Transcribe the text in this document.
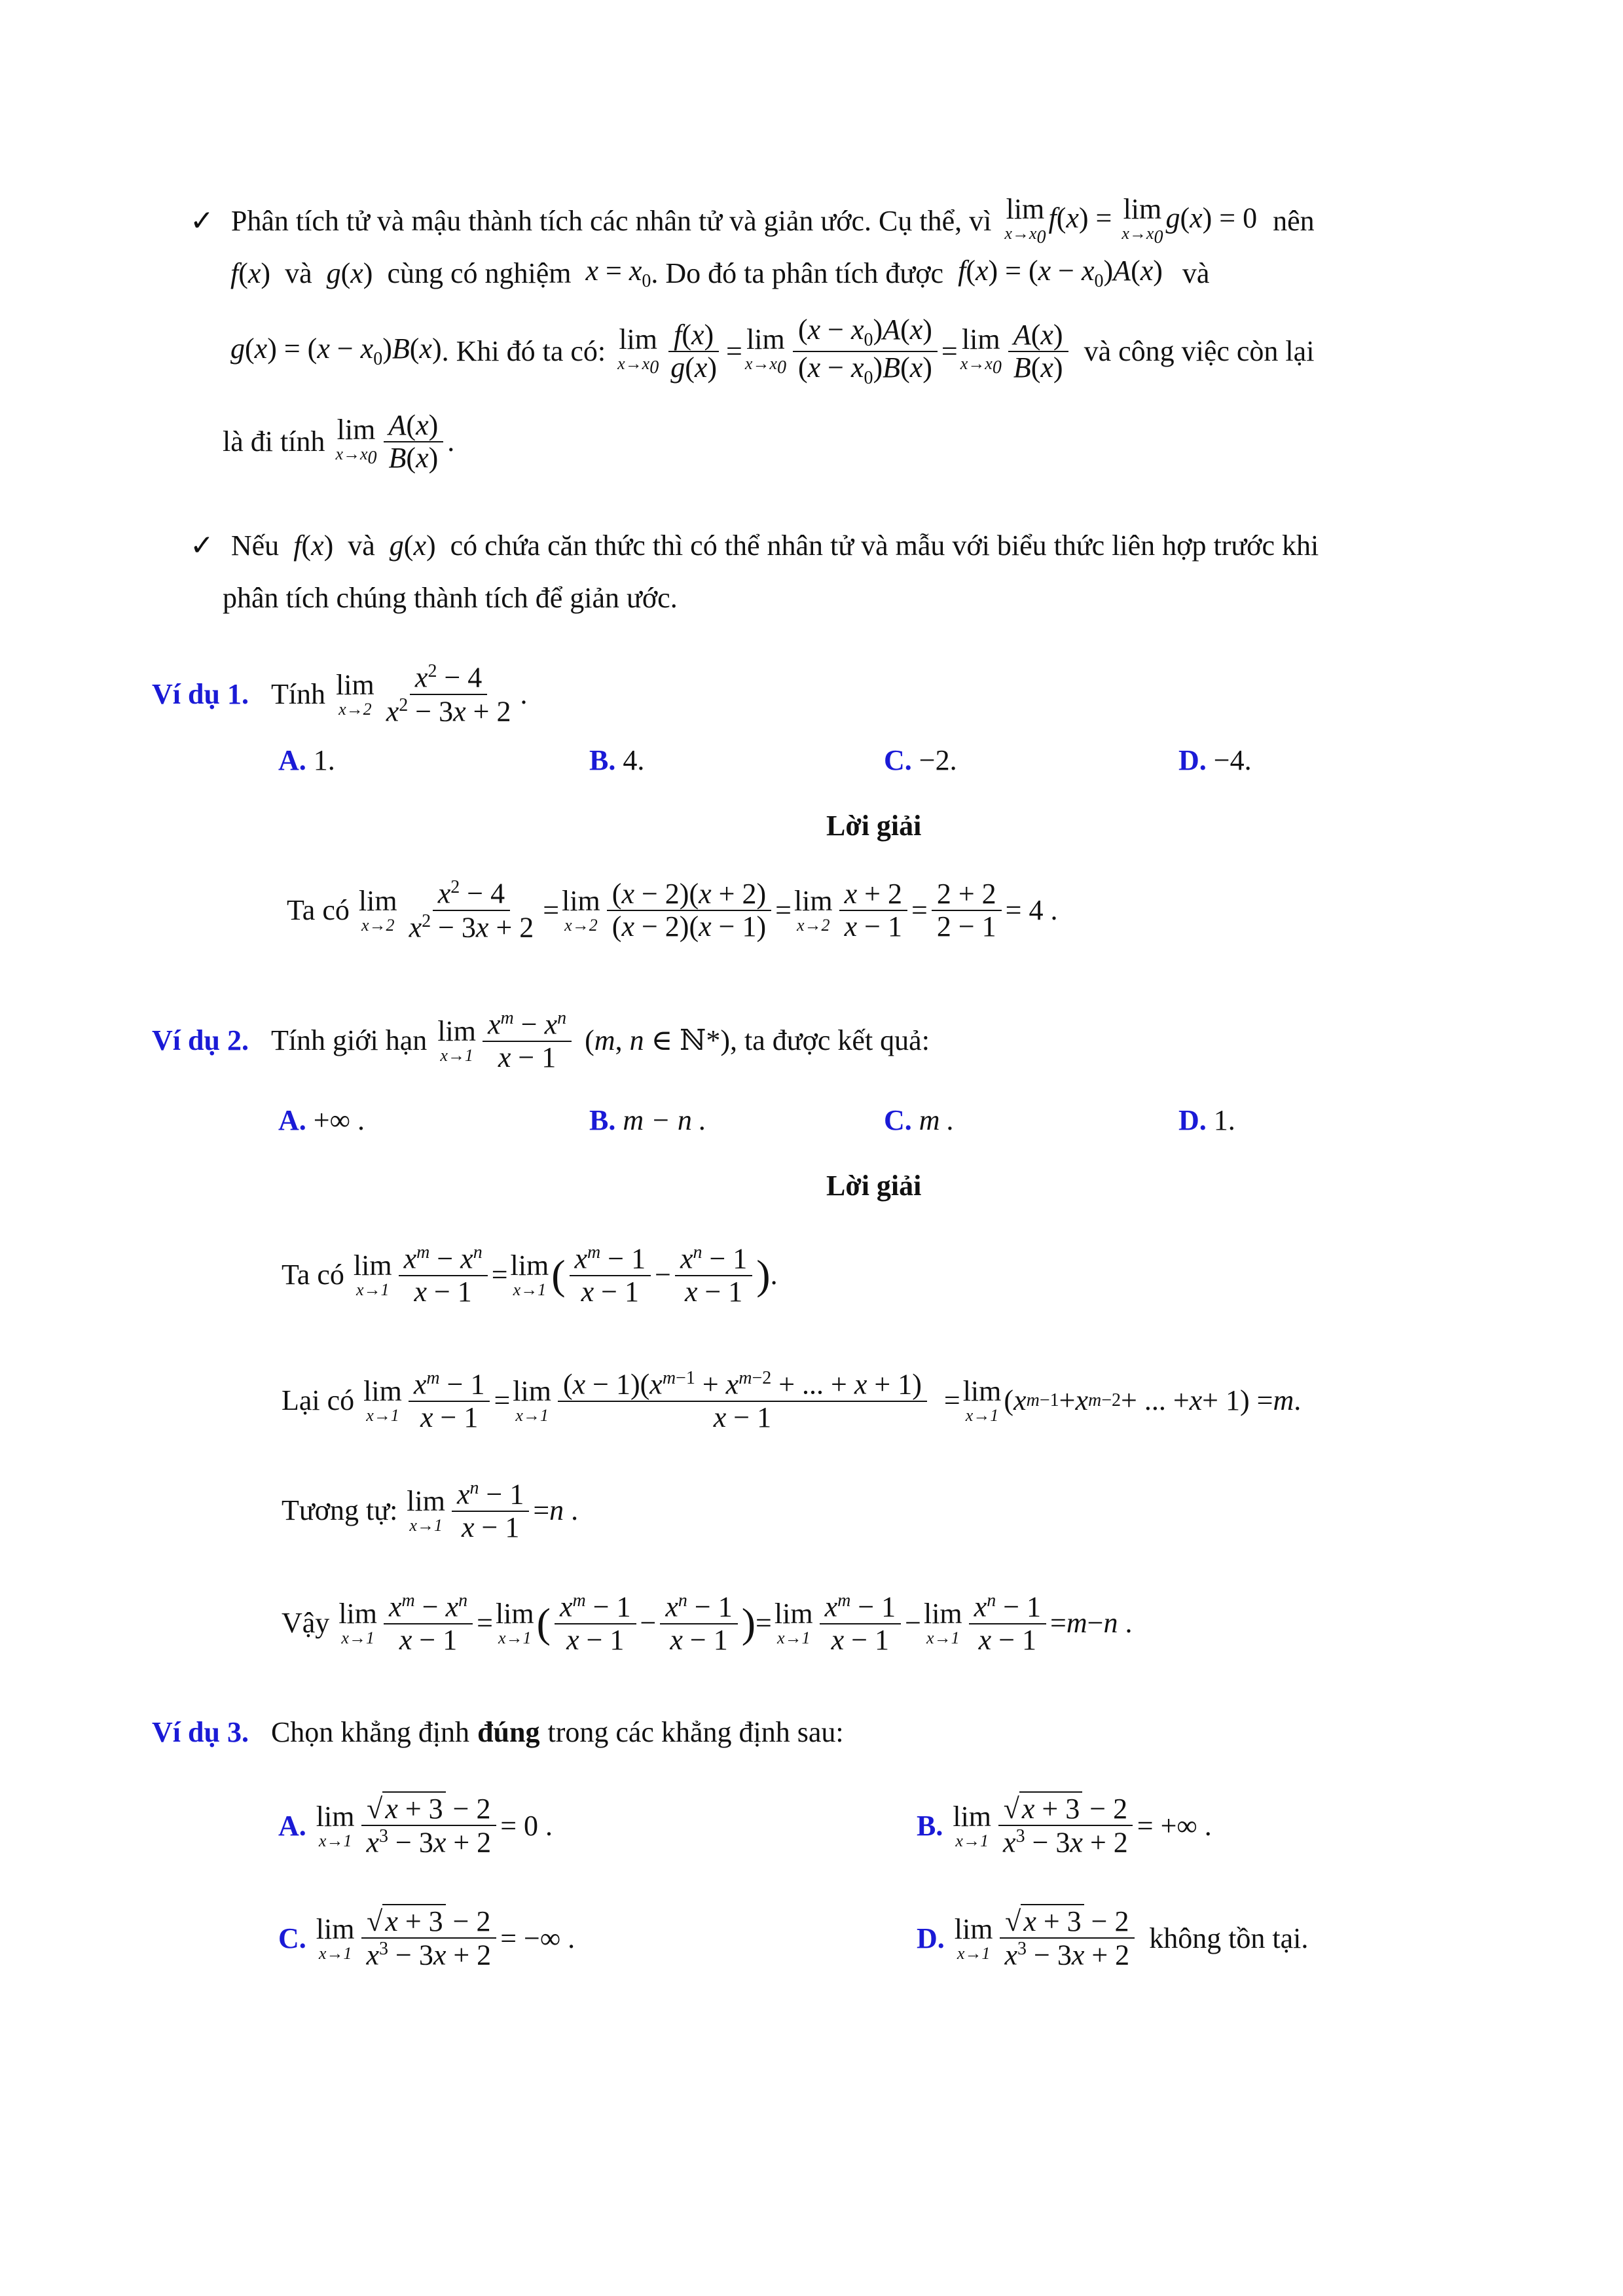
✓ Phân tích tử và mậu thành tích các nhân tử và giản ước. Cụ thể, vì lim
$x\to x_0$
f(x) = lim
$x\to x_0$
g(x) = 0 nên
f ( x ) và g ( x ) cùng có nghiệm $x = x_0$ . Do đó ta phân tích được $f(x) = (x - x_0)A(x)$ và
$g(x) = (x - x_0)B(x)$ . Khi đó ta có: lim
$x\to x_0 \frac{f(x)}{g(x)} = \lim$
$x\to x_0 \frac{(x - x_0)A(x)}{(x - x_0)B(x)} = \lim$
$x\to x_0 \frac{A(x)}{B(x)}$ và công việc còn lại
là đi tính lim
$x\to x_0 \frac{A(x)}{B(x)}$ .
✓ Nếu f(x) và g(x) có chứa căn thức thì có thể nhân tử và mẫu với biểu thức liên hợp trước khi
phân tích chúng thành tích để giản ước.
Ví dụ 1. Tính lim
$x\to 2 \frac{x^2 - 4}{x^2 - 3x + 2}$ .
A.
1.	B.
4.	C.
−2.	D.
−4.
Lời giải
Ta có lim
$x\to 2 \frac{x^2 - 4}{x^2 - 3x + 2} = \lim$
$x\to 2 \frac{(x - 2)(x + 2)}{(x - 2)(x - 1)} = \lim$
$x\to 2 \frac{x + 2}{x - 1} = \frac{2 + 2}{2 - 1} = 4$ .
Ví dụ 2. Tính giới hạn lim
$x\to 1 \frac{x^m - x^n}{x - 1} (m$, n ∈ ℕ*) , ta được kết quả:
A.
+∞ .	B.
m − n .	C.
m .	D.
1.
Lời giải
Ta có lim
$x\to 1 \frac{x^m - x^n}{x - 1} = \lim$
x→1 ( $\frac{x^m - 1}{x - 1} - \frac{x^n - 1}{x - 1}$ ) .
Lại có lim
$x\to 1 \frac{x^m - 1}{x - 1} = \lim$
$x\to 1 \frac{(x - 1)(x^{m-1} + x^{m-2} + ... + x + 1)}{x - 1} = \lim$
x→1 ( x m−1 + x m−2 + ... + x + 1) = m .
Tương tự: lim
$x\to 1 \frac{x^n - 1}{x - 1} = n$ .
Vậy lim
$x\to 1 \frac{x^m - x^n}{x - 1} = \lim$
x→1 ( $\frac{x^m - 1}{x - 1} - \frac{x^n - 1}{x - 1}$ ) = lim
$x\to 1 \frac{x^m - 1}{x - 1} - \lim$
$x\to 1 \frac{x^n - 1}{x - 1} = m - n$ .
Ví dụ 3. Chọn khẳng định đúng trong các khẳng định sau:
A.
lim
$x\to 1 \frac{√x + 3 - 2}{x^3 - 3x + 2} = 0$ .	B.
lim
$x\to 1 \frac{√x + 3 - 2}{x^3 - 3x + 2}$ = +∞ .
C.
lim
$x\to 1 \frac{√x + 3 - 2}{x^3 - 3x + 2}$ = −∞ .	D.
lim
$x\to 1 \frac{√x + 3 - 2}{x^3 - 3x + 2}$ không tồn tại.
